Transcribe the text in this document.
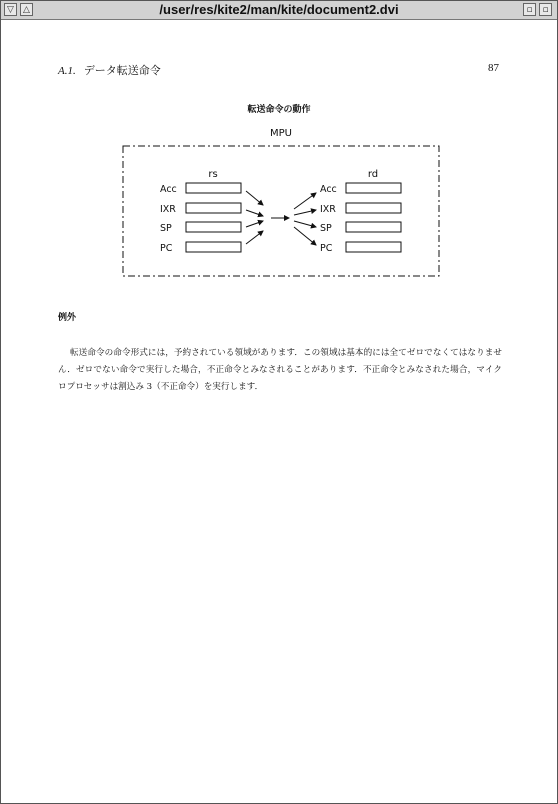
▽	△	/user/res/kite2/man/kite/document2.dvi	▫	▫
A.1. データ転送命令	87
転送命令の動作
MPU
rs	rd
Acc
IXR
SP
PC
Acc
IXR
SP
PC
例外

転送命令の命令形式には，予約されている領域があります．この領域は基本的には全てゼロでなくてはなりません．ゼロでない命令で実行した場合，不正命令とみなされることがあります．不正命令とみなされた場合，マイクロプロセッサは割込み 3（不正命令）を実行します．
